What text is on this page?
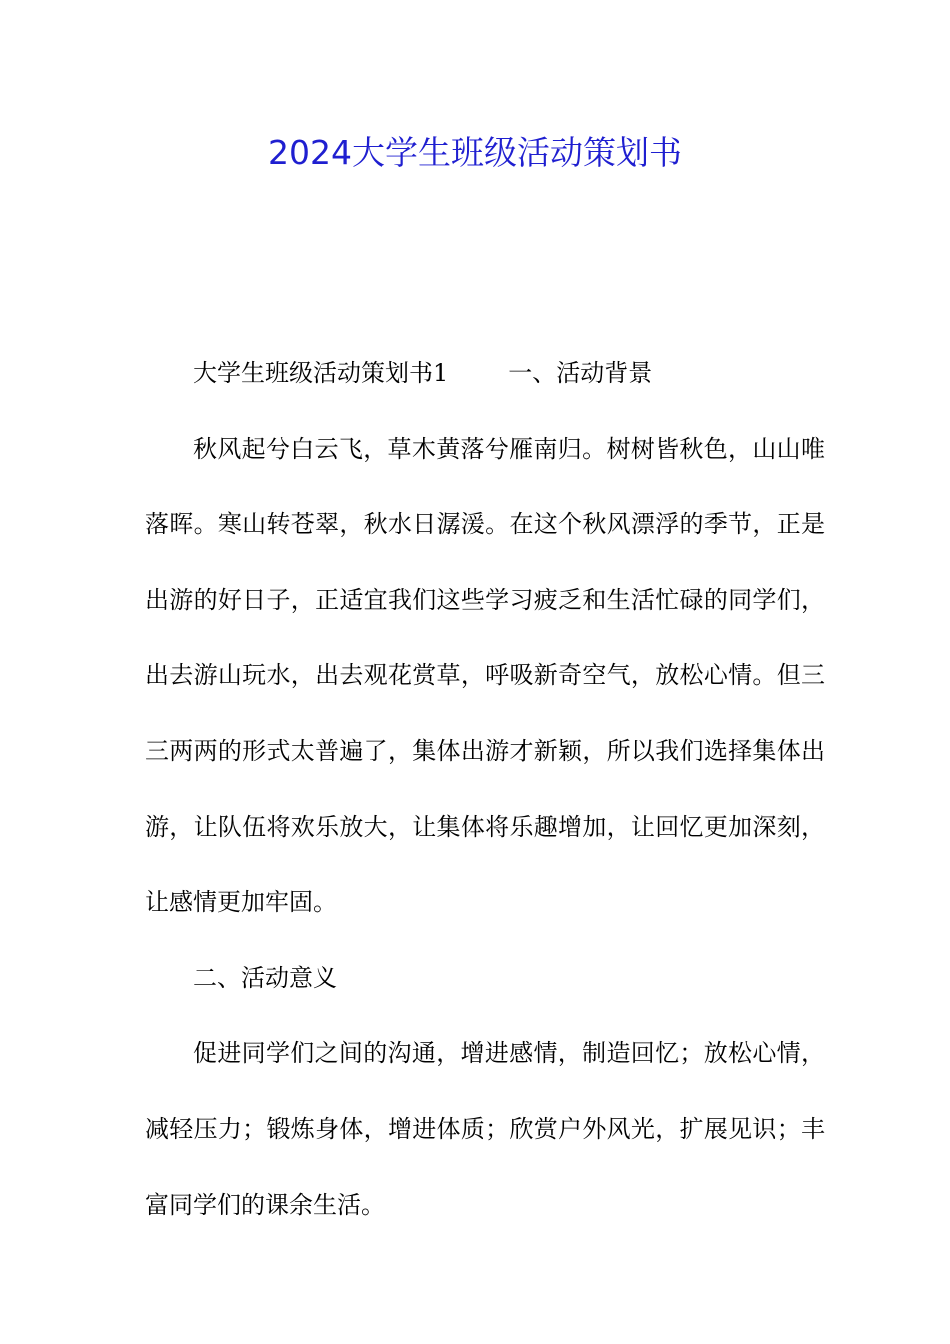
2024大学生班级活动策划书

大学生班级活动策划书1	一、活动背景

秋风起兮白云飞，草木黄落兮雁南归。树树皆秋色，山山唯落晖。寒山转苍翠，秋水日潺湲。在这个秋风漂浮的季节，正是出游的好日子，正适宜我们这些学习疲乏和生活忙碌的同学们，出去游山玩水，出去观花赏草，呼吸新奇空气，放松心情。但三三两两的形式太普遍了，集体出游才新颖，所以我们选择集体出游，让队伍将欢乐放大，让集体将乐趣增加，让回忆更加深刻，让感情更加牢固。

二、活动意义

促进同学们之间的沟通，增进感情，制造回忆；放松心情，减轻压力；锻炼身体，增进体质；欣赏户外风光，扩展见识；丰富同学们的课余生活。
